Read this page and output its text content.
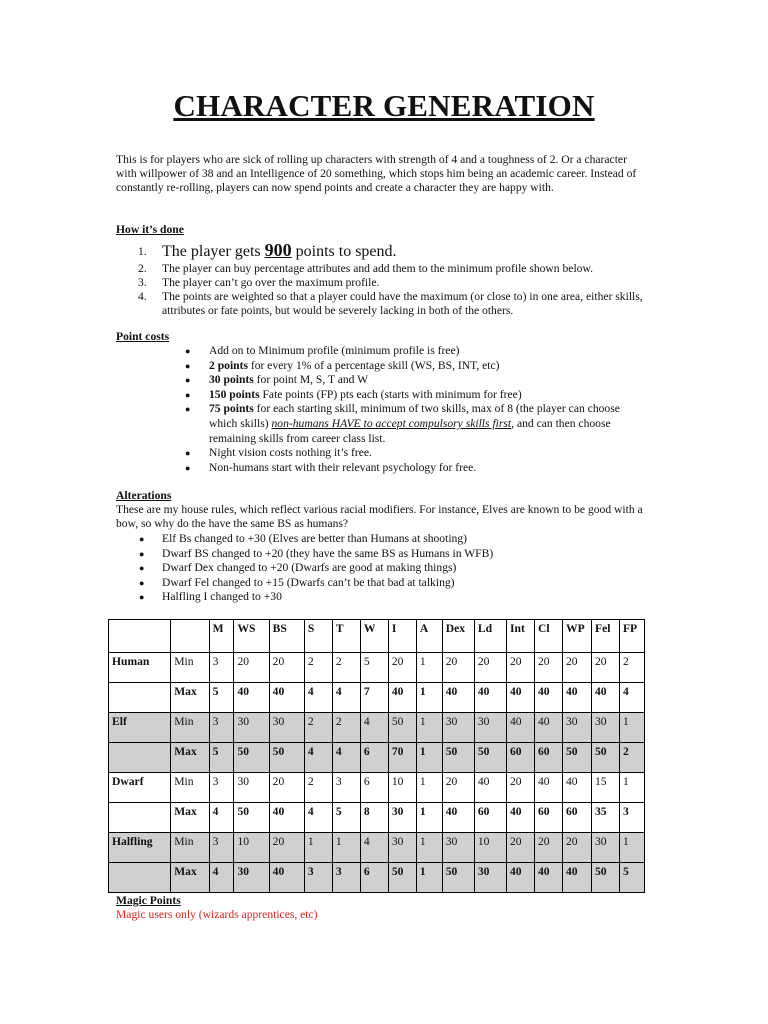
CHARACTER GENERATION

This is for players who are sick of rolling up characters with strength of 4 and a toughness of 2. Or a character with willpower of 38 and an Intelligence of 20 something, which stops him being an academic career. Instead of constantly re-rolling, players can now spend points and create a character they are happy with.

How it’s done

1. The player gets 900 points to spend.
2. The player can buy percentage attributes and add them to the minimum profile shown below.
3. The player can’t go over the maximum profile.
4. The points are weighted so that a player could have the maximum (or close to) in one area, either skills, attributes or fate points, but would be severely lacking in both of the others.

Point costs

● Add on to Minimum profile (minimum profile is free)
● 2 points for every 1% of a percentage skill (WS, BS, INT, etc)
● 30 points for point M, S, T and W
● 150 points Fate points (FP) pts each (starts with minimum for free)
● 75 points for each starting skill, minimum of two skills, max of 8 (the player can choose which skills) non-humans HAVE to accept compulsory skills first, and can then choose remaining skills from career class list.
● Night vision costs nothing it’s free.
● Non-humans start with their relevant psychology for free.

Alterations

These are my house rules, which reflect various racial modifiers. For instance, Elves are known to be good with a bow, so why do the have the same BS as humans?

● Elf Bs changed to +30 (Elves are better than Humans at shooting)
● Dwarf BS changed to +20 (they have the same BS as Humans in WFB)
● Dwarf Dex changed to +20 (Dwarfs are good at making things)
● Dwarf Fel changed to +15 (Dwarfs can’t be that bad at talking)
● Halfling I changed to +30
		M	WS	BS	S	T	W	I	A	Dex	Ld	Int	Cl	WP	Fel	FP
Human	Min	3	20	20	2	2	5	20	1	20	20	20	20	20	20	2
	Max	5	40	40	4	4	7	40	1	40	40	40	40	40	40	4
Elf	Min	3	30	30	2	2	4	50	1	30	30	40	40	30	30	1
	Max	5	50	50	4	4	6	70	1	50	50	60	60	50	50	2
Dwarf	Min	3	30	20	2	3	6	10	1	20	40	20	40	40	15	1
	Max	4	50	40	4	5	8	30	1	40	60	40	60	60	35	3
Halfling	Min	3	10	20	1	1	4	30	1	30	10	20	20	20	30	1
	Max	4	30	40	3	3	6	50	1	50	30	40	40	40	50	5

Magic Points

Magic users only (wizards apprentices, etc)
